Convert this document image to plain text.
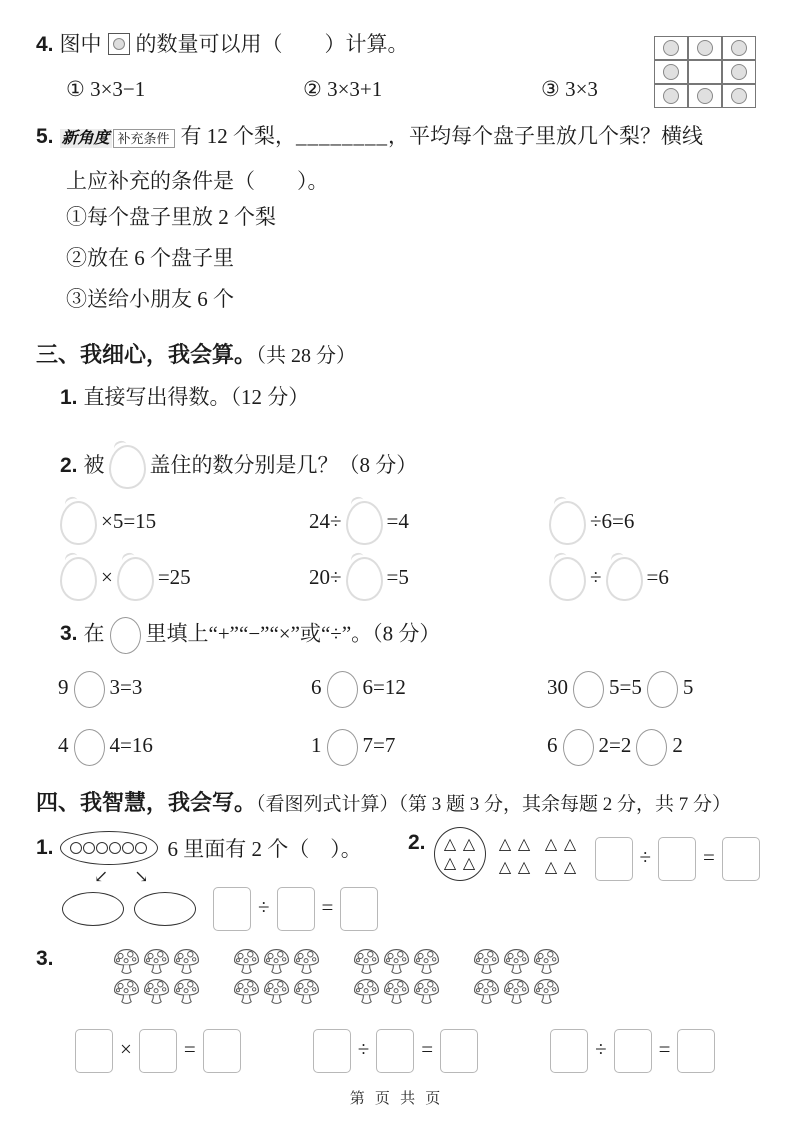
4. 图中 的数量可以用（　　）计算。
① 3×3−1	② 3×3+1	③ 3×3
5. 新角度 补充条件 有 12 个梨，________，平均每个盘子里放几个梨？横线
上应补充的条件是（　　）。
①每个盘子里放 2 个梨
②放在 6 个盘子里
③送给小朋友 6 个
三、我细心，我会算。（共 28 分）
1. 直接写出得数。（12 分）
2. 被 盖住的数分别是几？（8 分）
×5=15	24÷ =4	÷6=6
× =25	20÷ =5	÷ =6
3. 在 里填上“+”“−”“×”或“÷”。（8 分）
9 3=3	6 6=12	30 5=5 5
4 4=16	1 7=7	6 2=2 2
四、我智慧，我会写。（看图列式计算）（第 3 题 3 分，其余每题 2 分，共 7 分）
1.	6 里面有 2 个（　）。
↙ ↘
÷ =
2. △ △
△ △
△ △
△ △
△ △
△ △	÷ =
3.
× =	÷ =	÷ =
第 页 共 页
